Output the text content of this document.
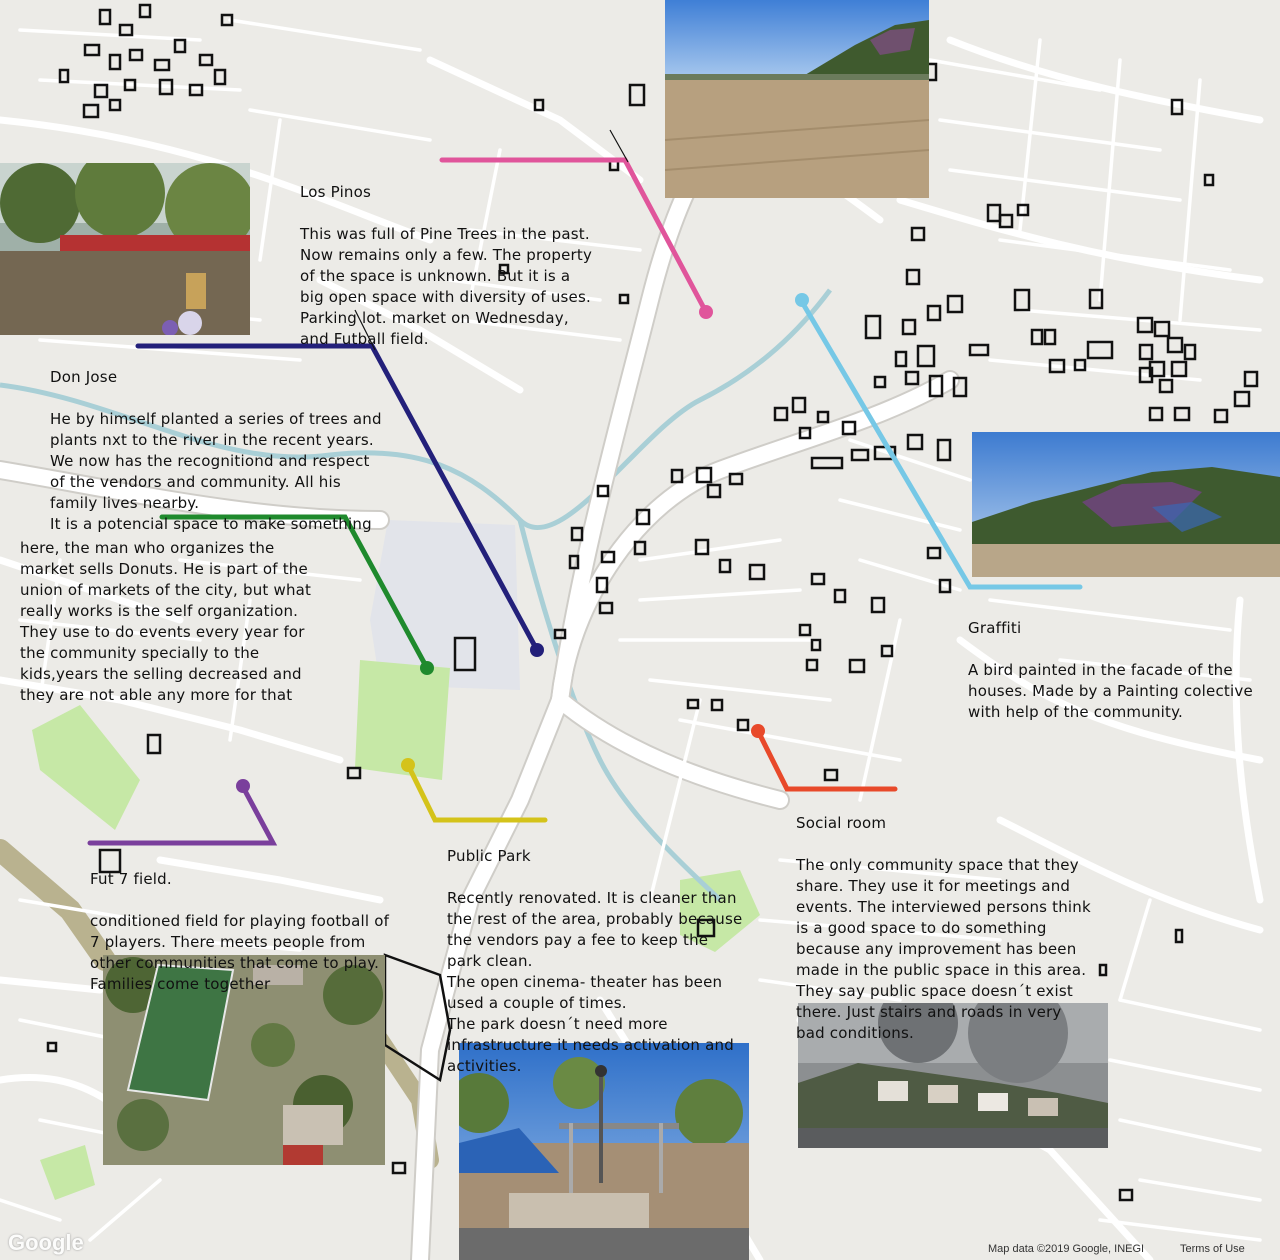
Los Pinos

This was full of Pine Trees in the past.
Now remains only a few. The property
of the space is unknown. But it is a
big open space with diversity of uses.
Parking lot. market on Wednesday,
and Futball field.

Don Jose

He by himself planted a series of trees and
plants nxt to the river in the recent years.
We now has the recognitiond and respect
of the vendors and community. All his
family lives nearby.
It is a potencial space to make something

here, the man who organizes the
market sells Donuts. He is part of the
union of markets of the city, but what
really works is the self organization.
They use to do events every year for
the community specially to the
kids,years the selling decreased and
they are not able any more for that

Graffiti

A bird painted in the facade of the
houses. Made by a Painting colective
with help of the community.

Fut 7 field.

conditioned field for playing football of
7 players. There meets people from
other communities that come to play.
Families come together

Public Park

Recently renovated. It is cleaner than
the rest of the area, probably because
the vendors pay a fee to keep the
park clean.
The open cinema- theater has been
used a couple of times.
The park doesn´t need more
infrastructure it needs activation and
activities.

Social room

The only community space that they
share. They use it for meetings and
events. The interviewed persons think
is a good space to do something
because any improvement has been
made in the public space in this area.
They say public space doesn´t exist
there. Just stairs and roads in very
bad conditions.

Google	Map data ©2019 Google, INEGI	Terms of Use
